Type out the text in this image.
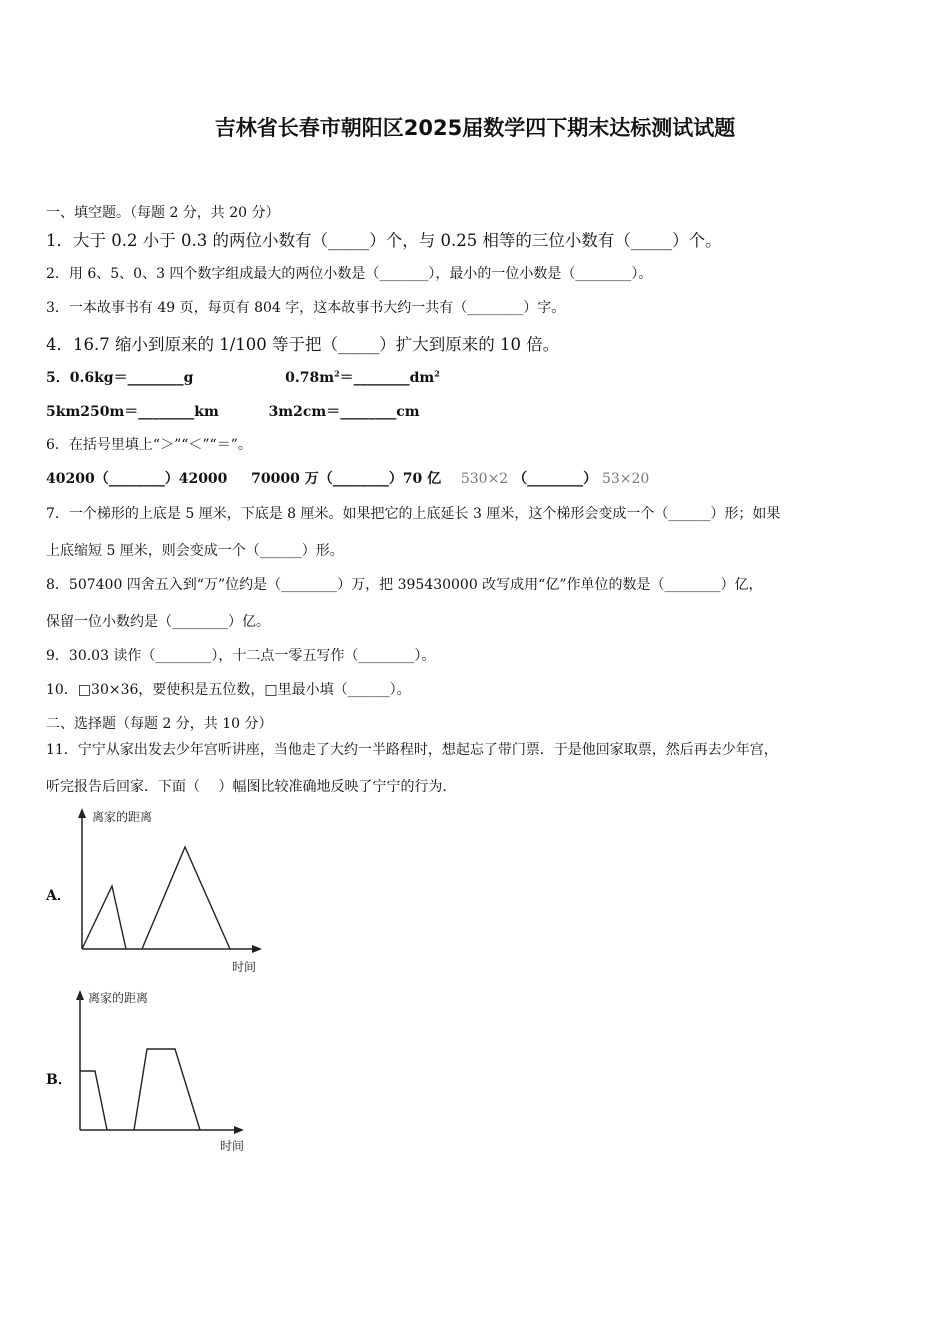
吉林省长春市朝阳区2025届数学四下期末达标测试试题
一、填空题。（每题 2 分，共 20 分）
1．大于 0.2 小于 0.3 的两位小数有（_____）个，与 0.25 相等的三位小数有（_____）个。
2．用 6、5、0、3 四个数字组成最大的两位小数是（_______），最小的一位小数是（________）。
3．一本故事书有 49 页，每页有 804 字，这本故事书大约一共有（________）字。
4．16.7 缩小到原来的 1/100 等于把（_____）扩大到原来的 10 倍。
5．0.6kg＝________g	$0.78m^2=\_\_\_\_\_\_\_\_dm^2$
5km250m＝________km	3m2cm＝________cm
6．在括号里填上“＞”“＜”“＝”。
40200（________）42000 70000 万（________）70 亿 530×2 （________） 53×20
7．一个梯形的上底是 5 厘米，下底是 8 厘米。如果把它的上底延长 3 厘米，这个梯形会变成一个（______）形；如果
上底缩短 5 厘米，则会变成一个（______）形。
8．507400 四舍五入到“万”位约是（________）万，把 395430000 改写成用“亿”作单位的数是（________）亿，
保留一位小数约是（________）亿。
9．30.03 读作（________），十二点一零五写作（________）。
10．□30×36，要使积是五位数，□里最小填（______）。
二、选择题（每题 2 分，共 10 分）
11．宁宁从家出发去少年宫听讲座，当他走了大约一半路程时，想起忘了带门票．于是他回家取票，然后再去少年宫，
听完报告后回家．下面（　 ）幅图比较准确地反映了宁宁的行为．
A．
离家的距离
时间
B．
离家的距离
时间
